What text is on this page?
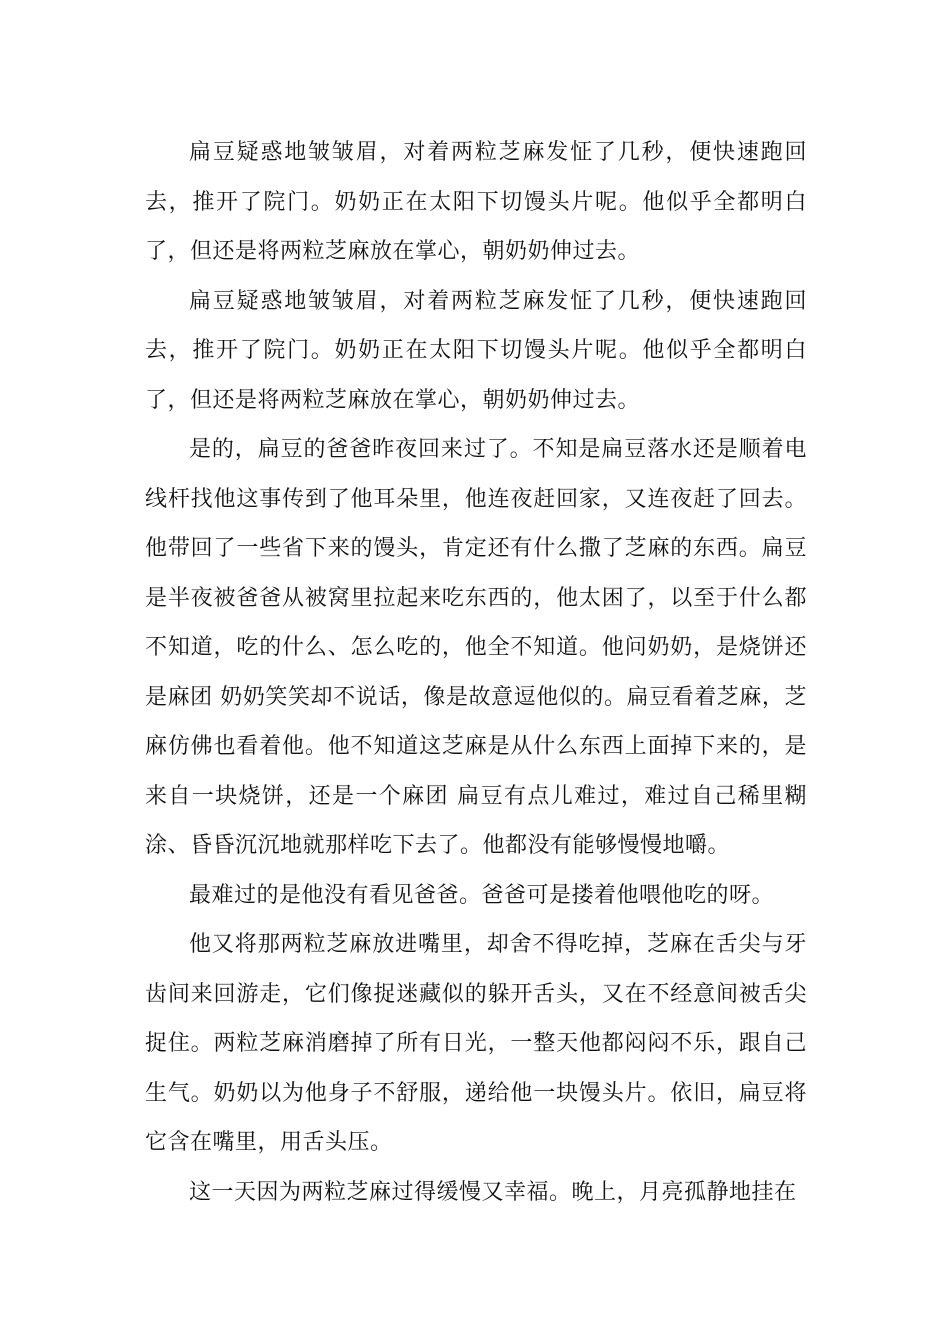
扁豆疑惑地皱皱眉，对着两粒芝麻发怔了几秒，便快速跑回去，推开了院门。奶奶正在太阳下切馒头片呢。他似乎全都明白了，但还是将两粒芝麻放在掌心，朝奶奶伸过去。

扁豆疑惑地皱皱眉，对着两粒芝麻发怔了几秒，便快速跑回去，推开了院门。奶奶正在太阳下切馒头片呢。他似乎全都明白了，但还是将两粒芝麻放在掌心，朝奶奶伸过去。

是的，扁豆的爸爸昨夜回来过了。不知是扁豆落水还是顺着电线杆找他这事传到了他耳朵里，他连夜赶回家，又连夜赶了回去。他带回了一些省下来的馒头，肯定还有什么撒了芝麻的东西。扁豆是半夜被爸爸从被窝里拉起来吃东西的，他太困了，以至于什么都不知道，吃的什么、怎么吃的，他全不知道。他问奶奶，是烧饼还是麻团 奶奶笑笑却不说话，像是故意逗他似的。扁豆看着芝麻，芝麻仿佛也看着他。他不知道这芝麻是从什么东西上面掉下来的，是来自一块烧饼，还是一个麻团 扁豆有点儿难过，难过自己稀里糊涂、昏昏沉沉地就那样吃下去了。他都没有能够慢慢地嚼。

最难过的是他没有看见爸爸。爸爸可是搂着他喂他吃的呀。

他又将那两粒芝麻放进嘴里，却舍不得吃掉，芝麻在舌尖与牙齿间来回游走，它们像捉迷藏似的躲开舌头，又在不经意间被舌尖捉住。两粒芝麻消磨掉了所有日光，一整天他都闷闷不乐，跟自己生气。奶奶以为他身子不舒服，递给他一块馒头片。依旧，扁豆将它含在嘴里，用舌头压。

这一天因为两粒芝麻过得缓慢又幸福。晚上，月亮孤静地挂在
